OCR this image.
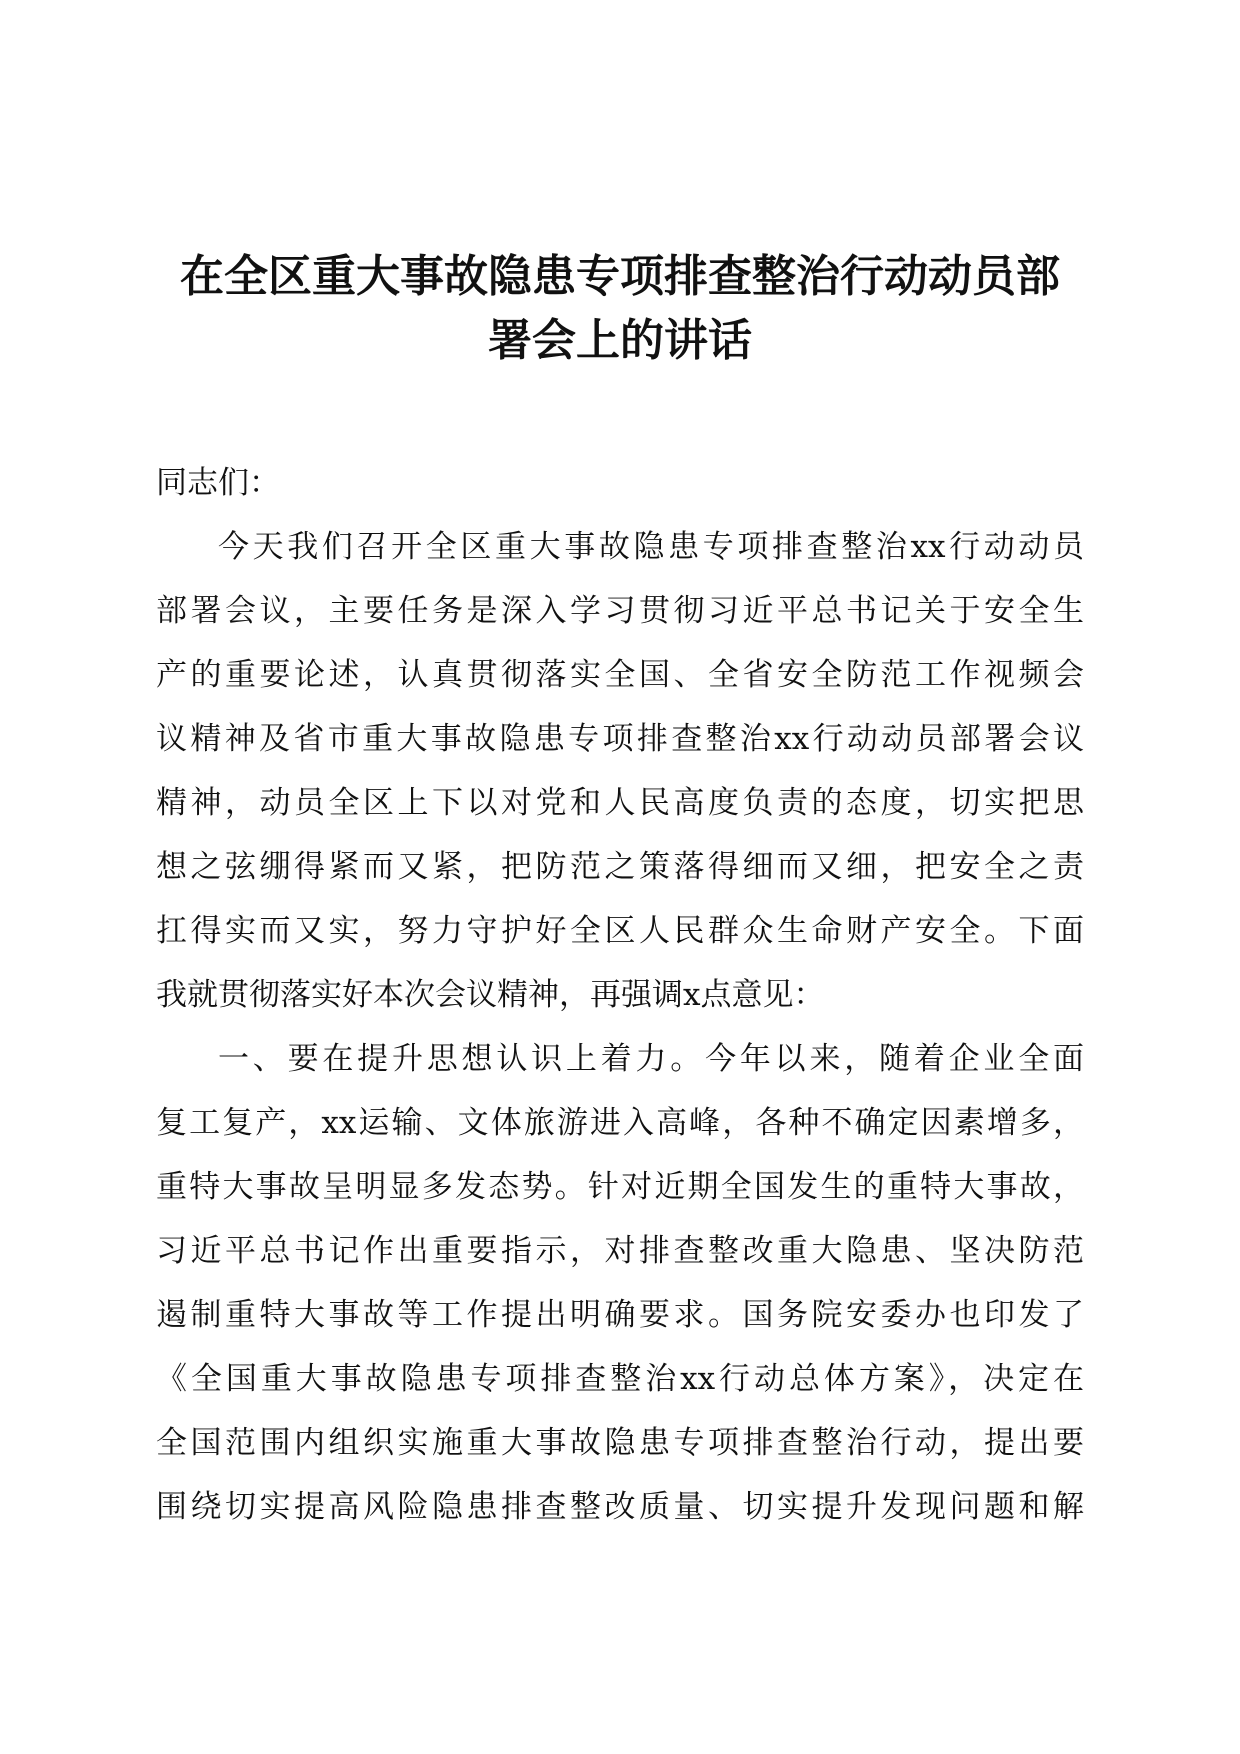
在全区重大事故隐患专项排查整治行动动员部
署会上的讲话
同志们：
今天我们召开全区重大事故隐患专项排查整治xx行动动员
部署会议，主要任务是深入学习贯彻习近平总书记关于安全生
产的重要论述，认真贯彻落实全国、全省安全防范工作视频会
议精神及省市重大事故隐患专项排查整治xx行动动员部署会议
精神，动员全区上下以对党和人民高度负责的态度，切实把思
想之弦绷得紧而又紧，把防范之策落得细而又细，把安全之责
扛得实而又实，努力守护好全区人民群众生命财产安全。下面
我就贯彻落实好本次会议精神，再强调x点意见：
一、要在提升思想认识上着力。今年以来，随着企业全面
复工复产，xx运输、文体旅游进入高峰，各种不确定因素增多，
重特大事故呈明显多发态势。针对近期全国发生的重特大事故，
习近平总书记作出重要指示，对排查整改重大隐患、坚决防范
遏制重特大事故等工作提出明确要求。国务院安委办也印发了
《全国重大事故隐患专项排查整治xx行动总体方案》，决定在
全国范围内组织实施重大事故隐患专项排查整治行动，提出要
围绕切实提高风险隐患排查整改质量、切实提升发现问题和解
